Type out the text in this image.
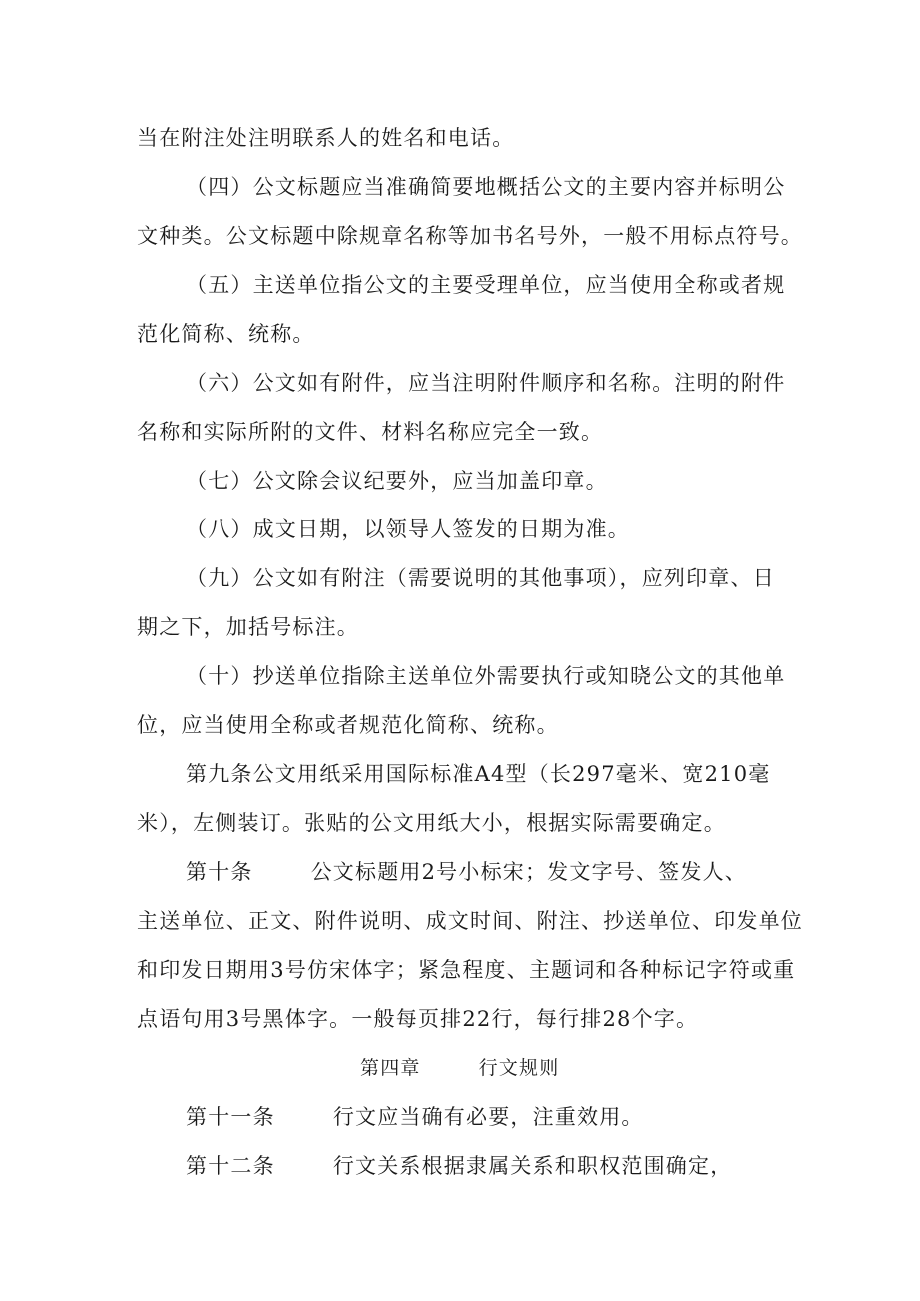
当在附注处注明联系人的姓名和电话。
（四）公文标题应当准确简要地概括公文的主要内容并标明公
文种类。公文标题中除规章名称等加书名号外，一般不用标点符号。
（五）主送单位指公文的主要受理单位，应当使用全称或者规
范化简称、统称。
（六）公文如有附件，应当注明附件顺序和名称。注明的附件
名称和实际所附的文件、材料名称应完全一致。
（七）公文除会议纪要外，应当加盖印章。
（八）成文日期，以领导人签发的日期为准。
（九）公文如有附注（需要说明的其他事项），应列印章、日
期之下，加括号标注。
（十）抄送单位指除主送单位外需要执行或知晓公文的其他单
位，应当使用全称或者规范化简称、统称。
第九条公文用纸采用国际标准A4型（长297毫米、宽210毫
米），左侧装订。张贴的公文用纸大小，根据实际需要确定。
第十条	公文标题用2号小标宋；发文字号、签发人、
主送单位、正文、附件说明、成文时间、附注、抄送单位、印发单位
和印发日期用3号仿宋体字；紧急程度、主题词和各种标记字符或重
点语句用3号黑体字。一般每页排22行，每行排28个字。
第四章	行文规则
第十一条	行文应当确有必要，注重效用。
第十二条	行文关系根据隶属关系和职权范围确定，
